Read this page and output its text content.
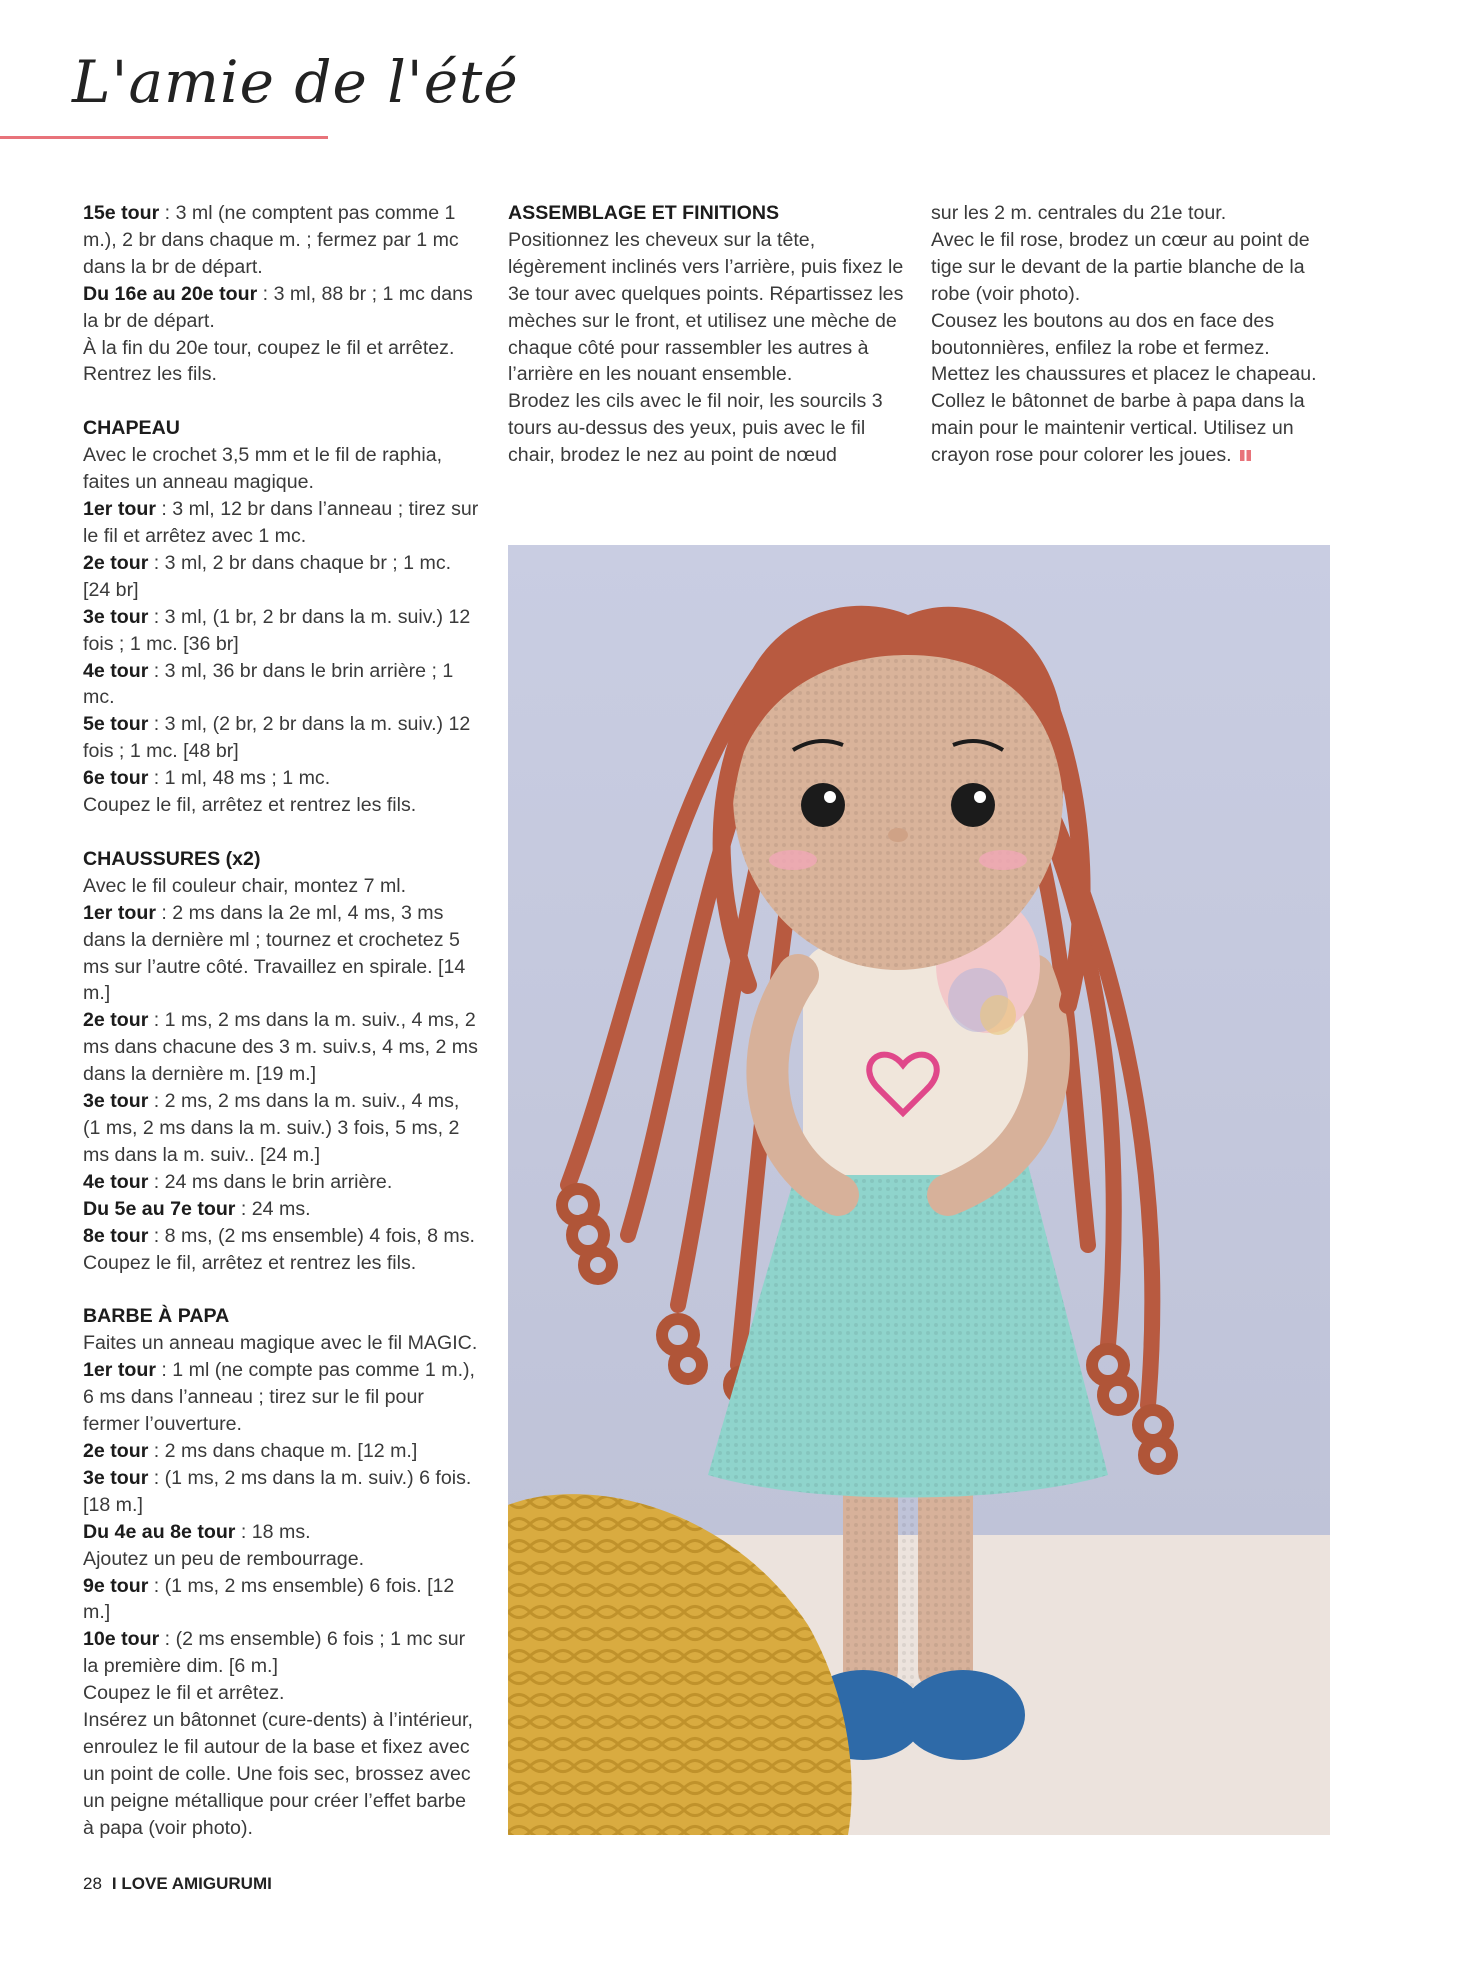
L'amie de l'été

15e tour : 3 ml (ne comptent pas comme 1 m.), 2 br dans chaque m. ; fermez par 1 mc dans la br de départ.

Du 16e au 20e tour : 3 ml, 88 br ; 1 mc dans la br de départ.

À la fin du 20e tour, coupez le fil et arrêtez. Rentrez les fils.

CHAPEAU

Avec le crochet 3,5 mm et le fil de raphia, faites un anneau magique.

1er tour : 3 ml, 12 br dans l’anneau ; tirez sur le fil et arrêtez avec 1 mc.

2e tour : 3 ml, 2 br dans chaque br ; 1 mc. [24 br]

3e tour : 3 ml, (1 br, 2 br dans la m. suiv.) 12 fois ; 1 mc. [36 br]

4e tour : 3 ml, 36 br dans le brin arrière ; 1 mc.

5e tour : 3 ml, (2 br, 2 br dans la m. suiv.) 12 fois ; 1 mc. [48 br]

6e tour : 1 ml, 48 ms ; 1 mc.

Coupez le fil, arrêtez et rentrez les fils.

CHAUSSURES (x2)

Avec le fil couleur chair, montez 7 ml.

1er tour : 2 ms dans la 2e ml, 4 ms, 3 ms dans la dernière ml ; tournez et crochetez 5 ms sur l’autre côté. Travaillez en spirale. [14 m.]

2e tour : 1 ms, 2 ms dans la m. suiv., 4 ms, 2 ms dans chacune des 3 m. suiv.s, 4 ms, 2 ms dans la dernière m. [19 m.]

3e tour : 2 ms, 2 ms dans la m. suiv., 4 ms, (1 ms, 2 ms dans la m. suiv.) 3 fois, 5 ms, 2 ms dans la m. suiv.. [24 m.]

4e tour : 24 ms dans le brin arrière.

Du 5e au 7e tour : 24 ms.

8e tour : 8 ms, (2 ms ensemble) 4 fois, 8 ms.

Coupez le fil, arrêtez et rentrez les fils.

BARBE À PAPA

Faites un anneau magique avec le fil MAGIC.

1er tour : 1 ml (ne compte pas comme 1 m.), 6 ms dans l’anneau ; tirez sur le fil pour fermer l’ouverture.

2e tour : 2 ms dans chaque m. [12 m.]

3e tour : (1 ms, 2 ms dans la m. suiv.) 6 fois. [18 m.]

Du 4e au 8e tour : 18 ms.

Ajoutez un peu de rembourrage.

9e tour : (1 ms, 2 ms ensemble) 6 fois. [12 m.]

10e tour : (2 ms ensemble) 6 fois ; 1 mc sur la première dim. [6 m.]

Coupez le fil et arrêtez.

Insérez un bâtonnet (cure-dents) à l’intérieur, enroulez le fil autour de la base et fixez avec un point de colle. Une fois sec, brossez avec un peigne métallique pour créer l’effet barbe à papa (voir photo).

ASSEMBLAGE ET FINITIONS

Positionnez les cheveux sur la tête, légèrement inclinés vers l’arrière, puis fixez le 3e tour avec quelques points. Répartissez les mèches sur le front, et utilisez une mèche de chaque côté pour rassembler les autres à l’arrière en les nouant ensemble.

Brodez les cils avec le fil noir, les sourcils 3 tours au-dessus des yeux, puis avec le fil chair, brodez le nez au point de nœud

sur les 2 m. centrales du 21e tour.

Avec le fil rose, brodez un cœur au point de tige sur le devant de la partie blanche de la robe (voir photo).

Cousez les boutons au dos en face des boutonnières, enfilez la robe et fermez. Mettez les chaussures et placez le chapeau.

Collez le bâtonnet de barbe à papa dans la main pour le maintenir vertical. Utilisez un crayon rose pour colorer les joues.

28 I LOVE AMIGURUMI
